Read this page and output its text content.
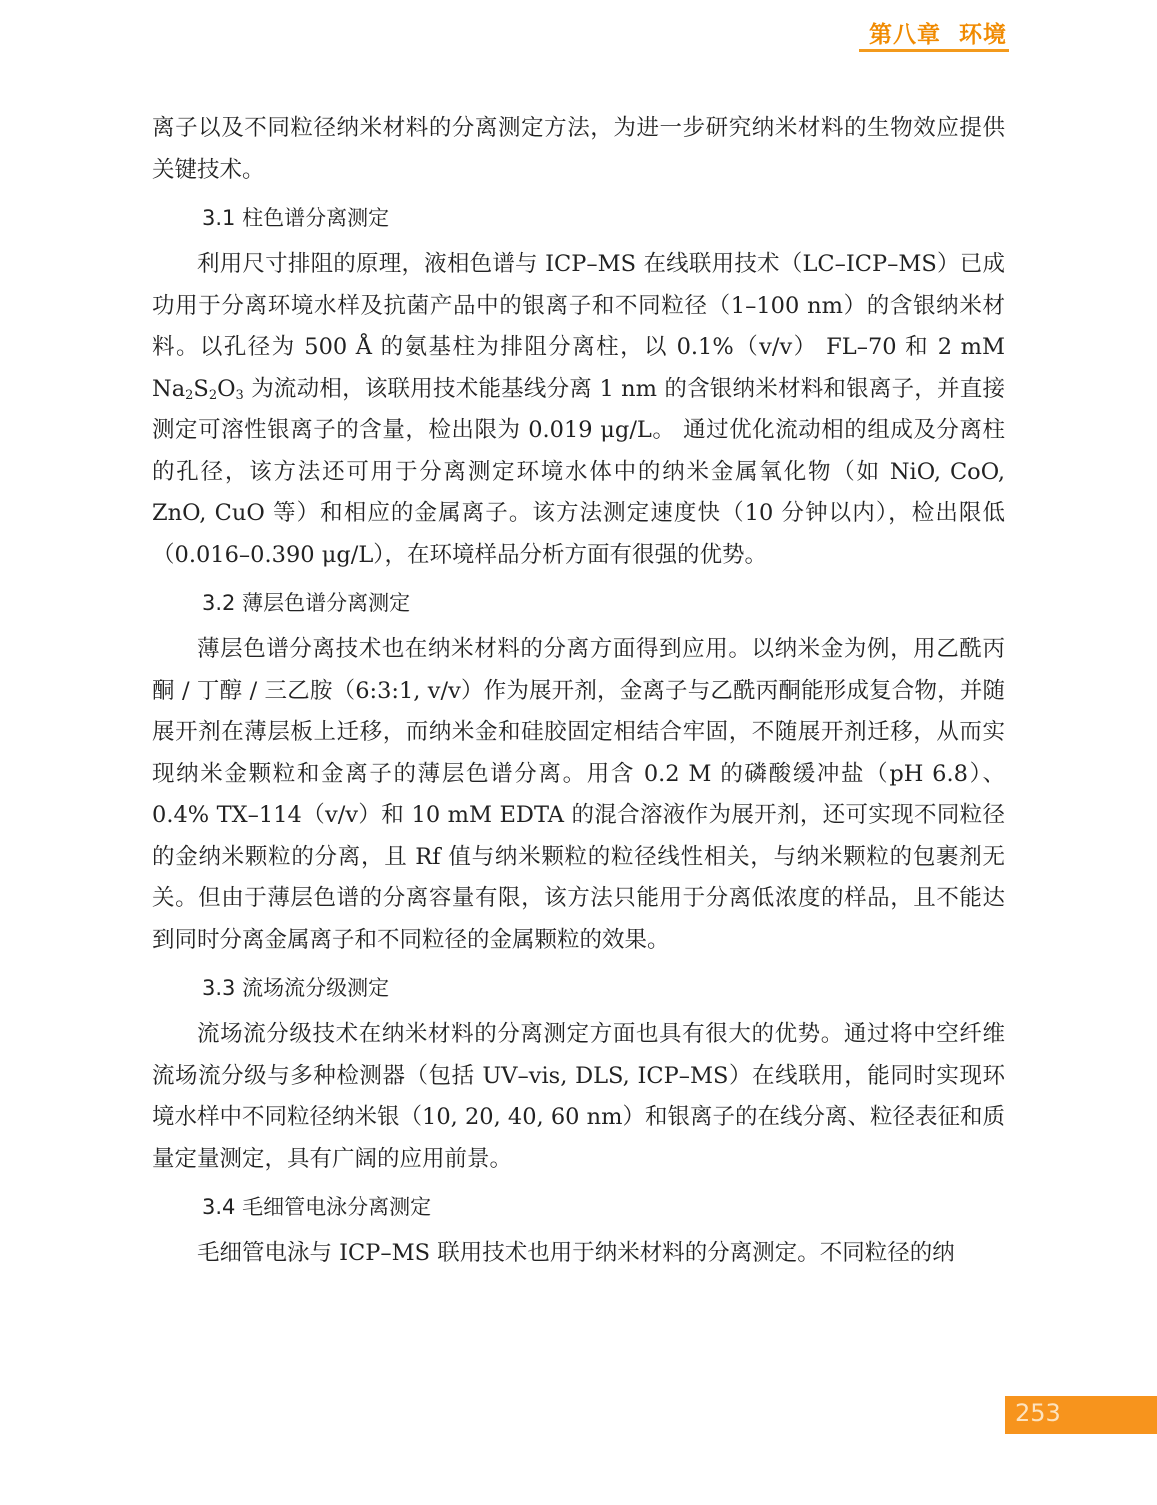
第八章 环境

离子以及不同粒径纳米材料的分离测定方法，为进一步研究纳米材料的生物效应提供关键技术。

3.1 柱色谱分离测定

利用尺寸排阻的原理，液相色谱与 ICP–MS 在线联用技术（LC–ICP–MS）已成功用于分离环境水样及抗菌产品中的银离子和不同粒径（1–100 nm）的含银纳米材料。以孔径为 500 Å 的氨基柱为排阻分离柱，以 0.1%（v/v） FL–70 和 2 mM $Na_2S_2O_3$ 为流动相，该联用技术能基线分离 1 nm 的含银纳米材料和银离子，并直接测定可溶性银离子的含量，检出限为 0.019 μg/L。 通过优化流动相的组成及分离柱的孔径，该方法还可用于分离测定环境水体中的纳米金属氧化物（如 NiO, CoO, ZnO, CuO 等）和相应的金属离子。该方法测定速度快（10 分钟以内），检出限低（0.016–0.390 μg/L），在环境样品分析方面有很强的优势。

3.2 薄层色谱分离测定

薄层色谱分离技术也在纳米材料的分离方面得到应用。以纳米金为例，用乙酰丙酮 / 丁醇 / 三乙胺（6:3:1, v/v）作为展开剂，金离子与乙酰丙酮能形成复合物，并随展开剂在薄层板上迁移，而纳米金和硅胶固定相结合牢固，不随展开剂迁移，从而实现纳米金颗粒和金离子的薄层色谱分离。用含 0.2 M 的磷酸缓冲盐（pH 6.8）、0.4% TX–114（v/v）和 10 mM EDTA 的混合溶液作为展开剂，还可实现不同粒径的金纳米颗粒的分离，且 Rf 值与纳米颗粒的粒径线性相关，与纳米颗粒的包裹剂无关。但由于薄层色谱的分离容量有限，该方法只能用于分离低浓度的样品，且不能达到同时分离金属离子和不同粒径的金属颗粒的效果。

3.3 流场流分级测定

流场流分级技术在纳米材料的分离测定方面也具有很大的优势。通过将中空纤维流场流分级与多种检测器（包括 UV–vis, DLS, ICP–MS）在线联用，能同时实现环境水样中不同粒径纳米银（10, 20, 40, 60 nm）和银离子的在线分离、粒径表征和质量定量测定，具有广阔的应用前景。

3.4 毛细管电泳分离测定

毛细管电泳与 ICP–MS 联用技术也用于纳米材料的分离测定。不同粒径的纳

253
